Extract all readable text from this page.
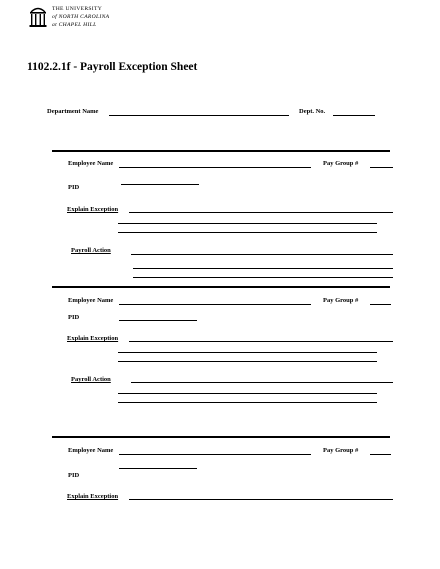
THE UNIVERSITY
of NORTH CAROLINA
at CHAPEL HILL
1102.2.1f - Payroll Exception Sheet
Department Name	Dept. No.
Employee Name	Pay Group #
PID
Explain Exception
Payroll Action
Employee Name	Pay Group #
PID
Explain Exception
Payroll Action
Employee Name	Pay Group #
PID
Explain Exception
